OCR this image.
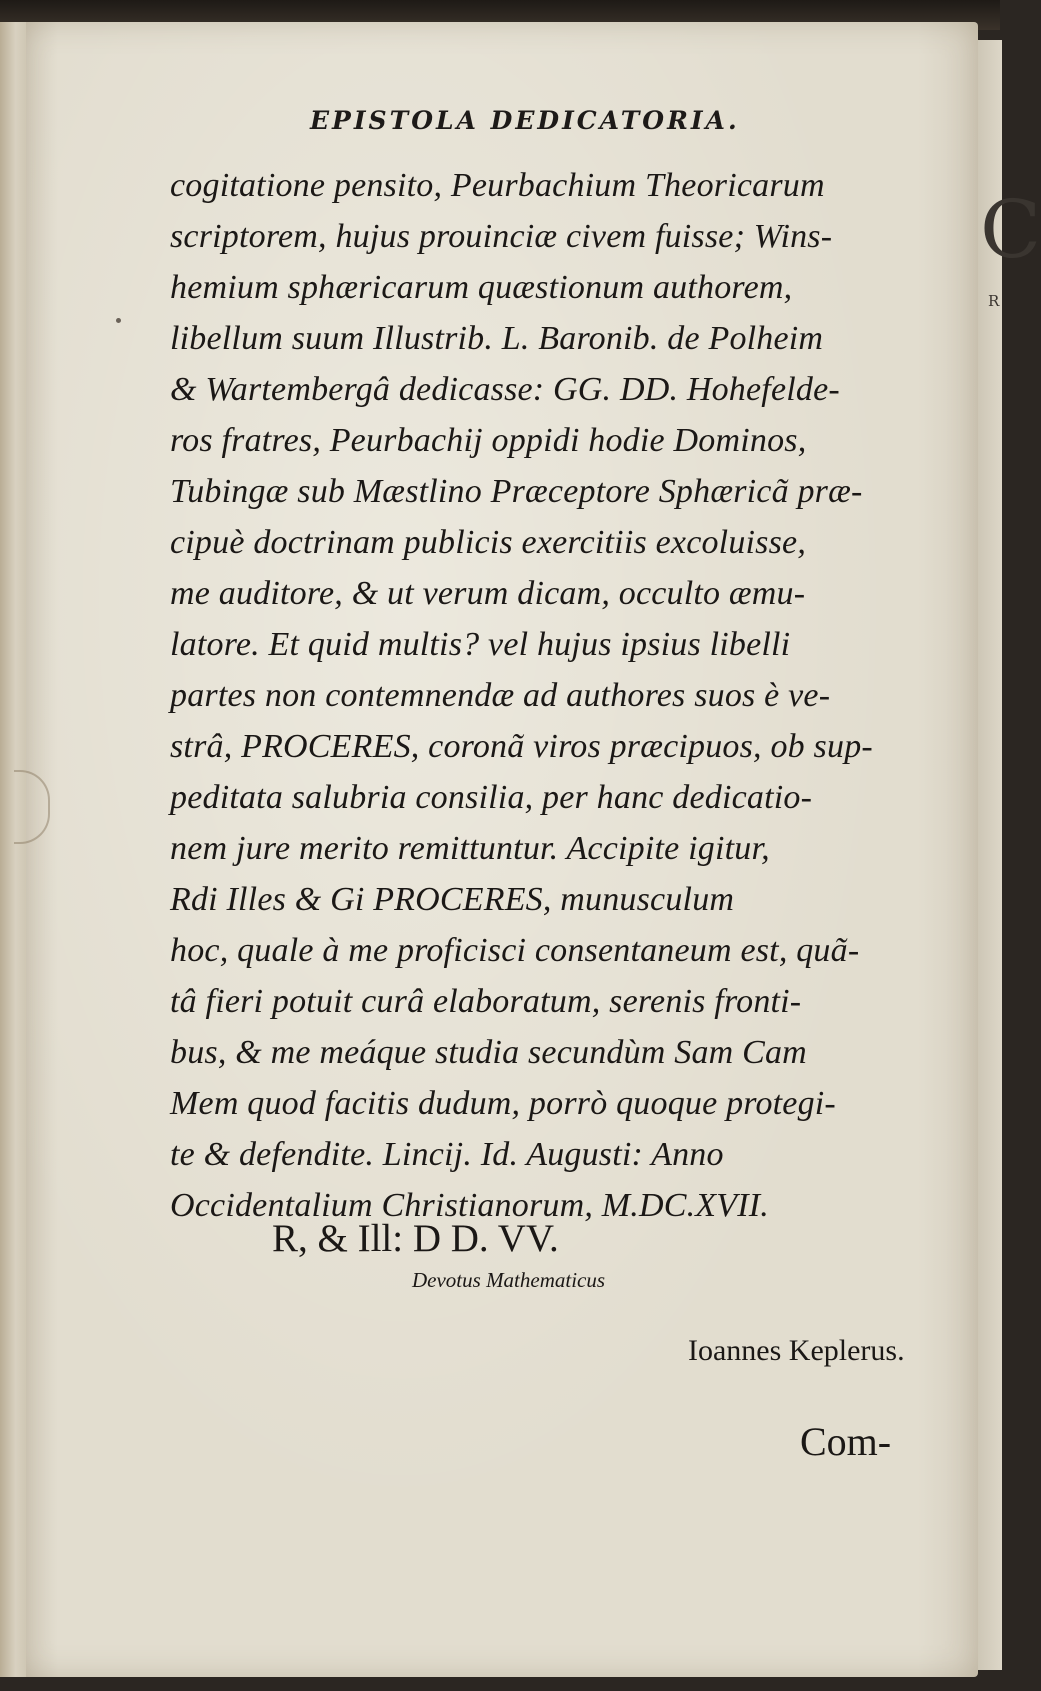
C
R
EPISTOLA DEDICATORIA.
cogitatione pensito, Peurbachium Theoricarum
scriptorem, hujus prouinciæ civem fuisse; Wins-
hemium sphæricarum quæstionum authorem,
libellum suum Illustrib. L. Baronib. de Polheim
& Wartembergâ dedicasse: GG. DD. Hohefelde-
ros fratres, Peurbachij oppidi hodie Dominos,
Tubingæ sub Mæstlino Præceptore Sphæricã præ-
cipuè doctrinam publicis exercitiis excoluisse,
me auditore, & ut verum dicam, occulto æmu-
latore. Et quid multis? vel hujus ipsius libelli
partes non contemnendæ ad authores suos è ve-
strâ, PROCERES, coronã viros præcipuos, ob sup-
peditata salubria consilia, per hanc dedicatio-
nem jure merito remittuntur. Accipite igitur,
Rdi Illes & Gi PROCERES, munusculum
hoc, quale à me proficisci consentaneum est, quã-
tâ fieri potuit curâ elaboratum, serenis fronti-
bus, & me meáque studia secundùm Sam Cam
Mem quod facitis dudum, porrò quoque protegi-
te & defendite. Lincij. Id. Augusti: Anno
Occidentalium Christianorum, M.DC.XVII.
R, & Ill: D D. VV.
Devotus Mathematicus
Ioannes Keplerus.
Com-
